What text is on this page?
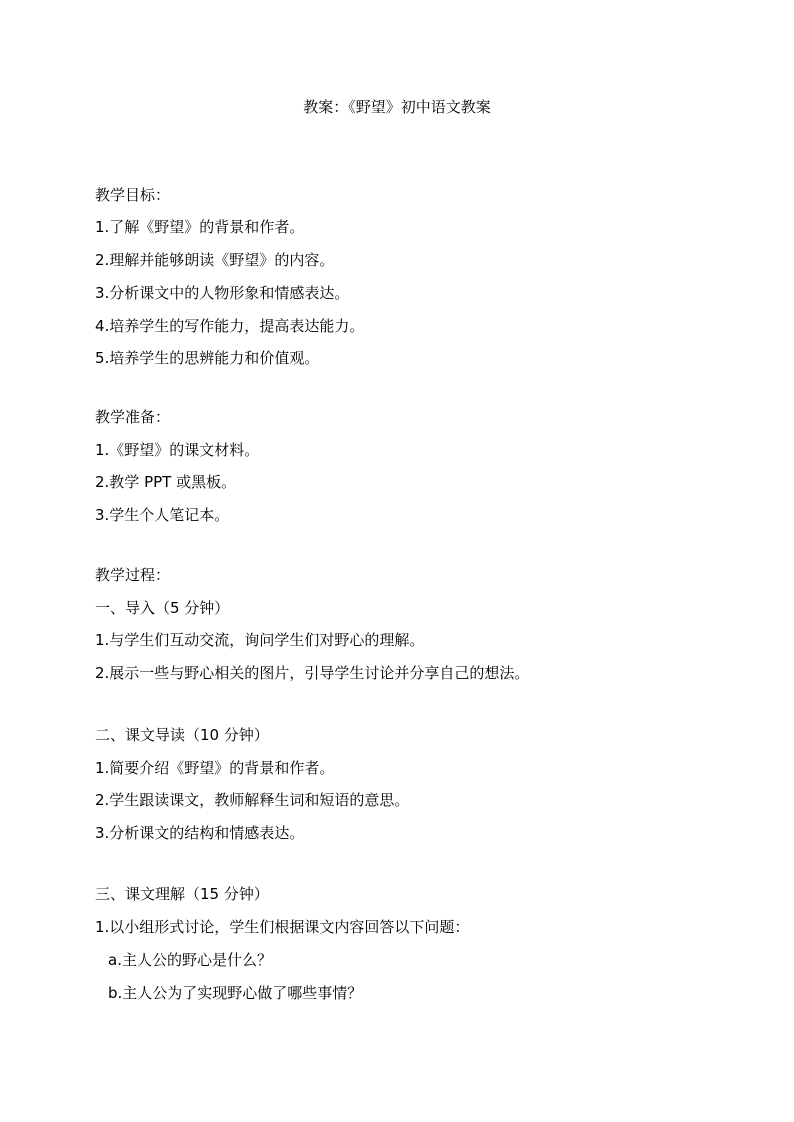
教案：《野望》初中语文教案
教学目标：
1.了解《野望》的背景和作者。
2.理解并能够朗读《野望》的内容。
3.分析课文中的人物形象和情感表达。
4.培养学生的写作能力，提高表达能力。
5.培养学生的思辨能力和价值观。
教学准备：
1.《野望》的课文材料。
2.教学 PPT 或黑板。
3.学生个人笔记本。
教学过程：
一、导入（5 分钟）
1.与学生们互动交流，询问学生们对野心的理解。
2.展示一些与野心相关的图片，引导学生讨论并分享自己的想法。
二、课文导读（10 分钟）
1.简要介绍《野望》的背景和作者。
2.学生跟读课文，教师解释生词和短语的意思。
3.分析课文的结构和情感表达。
三、课文理解（15 分钟）
1.以小组形式讨论，学生们根据课文内容回答以下问题：
a.主人公的野心是什么？
b.主人公为了实现野心做了哪些事情？
